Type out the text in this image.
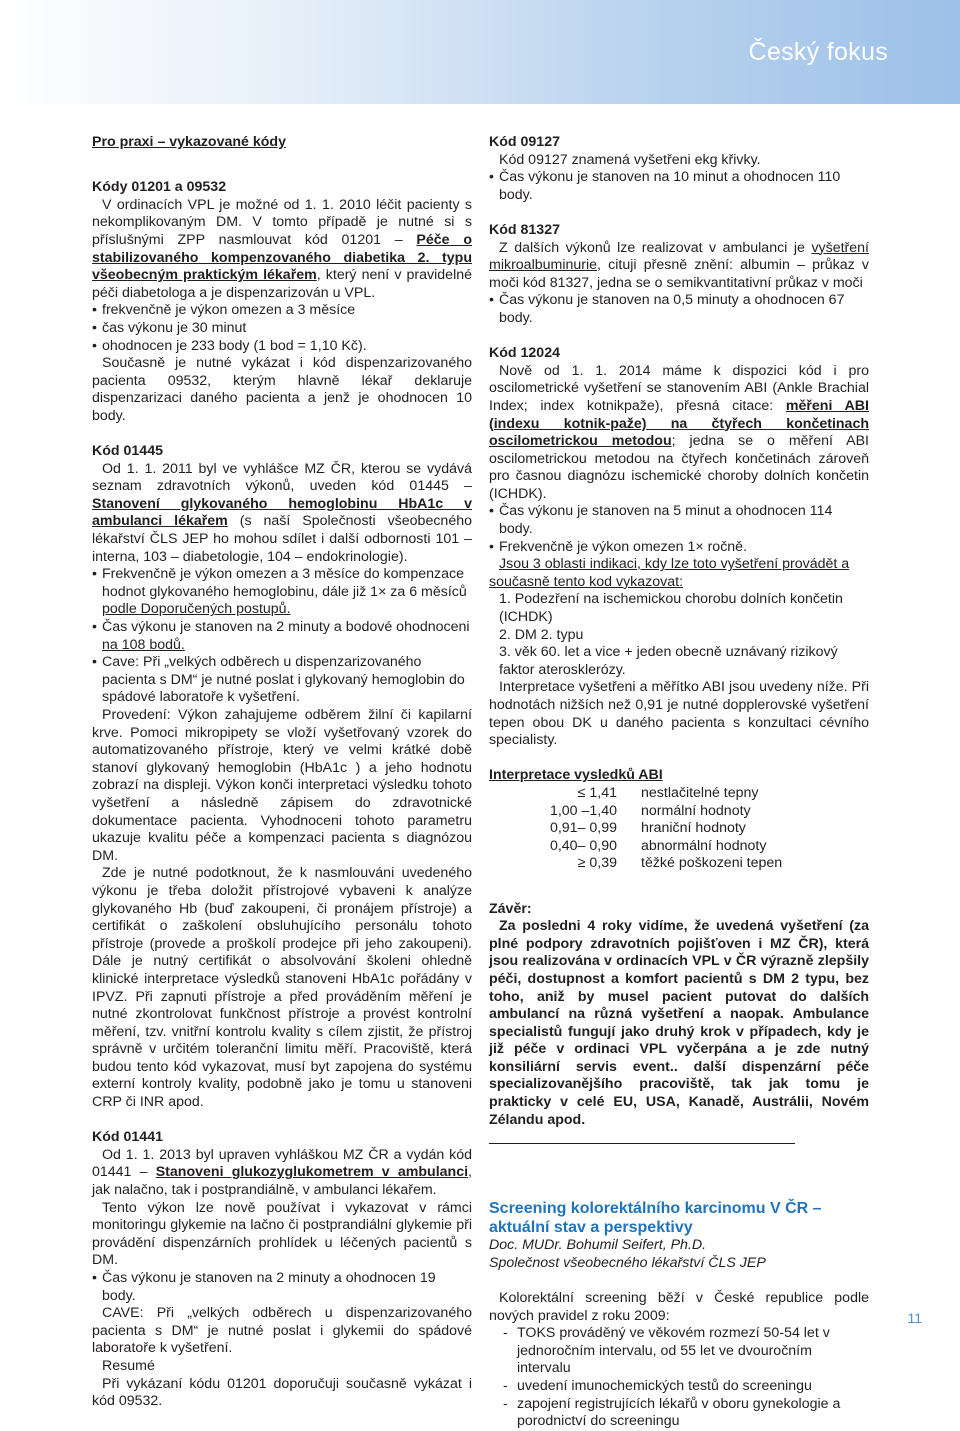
Český fokus

Pro praxi – vykazované kódy

Kódy 01201 a 09532

V ordinacích VPL je možné od 1. 1. 2010 léčit pacienty s nekomplikovaným DM. V tomto případě je nutné si s příslušnými ZPP nasmlouvat kód 01201 – Péče o stabilizovaného kompenzovaného diabetika 2. typu všeobecným praktickým lékařem, který není v pravidelné péči diabetologa a je dispenzarizován u VPL.

• frekvenčně je výkon omezen a 3 měsíce
• čas výkonu je 30 minut
• ohodnocen je 233 body (1 bod = 1,10 Kč).

Současně je nutné vykázat i kód dispenzarizovaného pacienta 09532, kterým hlavně lékař deklaruje dispenzarizaci daného pacienta a jenž je ohodnocen 10 body.

Kód 01445

Od 1. 1. 2011 byl ve vyhlášce MZ ČR, kterou se vydává seznam zdravotních výkonů, uveden kód 01445 – Stanovení glykovaného hemoglobinu HbA1c v ambulanci lékařem (s naší Společnosti všeobecného lékařství ČLS JEP ho mohou sdílet i další odbornosti 101 – interna, 103 – diabetologie, 104 – endokrinologie).

• Frekvenčně je výkon omezen a 3 měsíce do kompenzace hodnot glykovaného hemoglobinu, dále již 1× za 6 měsíců podle Doporučených postupů.
• Čas výkonu je stanoven na 2 minuty a bodové ohodnoceni na 108 bodů.
• Cave: Při „velkých odběrech u dispenzarizovaného pacienta s DM“ je nutné poslat i glykovaný hemoglobin do spádové laboratoře k vyšetření.

Provedení: Výkon zahajujeme odběrem žilní či kapilarní krve. Pomoci mikropipety se vloží vyšetřovaný vzorek do automatizovaného přístroje, který ve velmi krátké době stanoví glykovaný hemoglobin (HbA1c ) a jeho hodnotu zobrazí na displeji. Výkon konči interpretaci výsledku tohoto vyšetření a následně zápisem do zdravotnické dokumentace pacienta. Vyhodnoceni tohoto parametru ukazuje kvalitu péče a kompenzaci pacienta s diagnózou DM.

Zde je nutné podotknout, že k nasmlouváni uvedeného výkonu je třeba doložit přístrojové vybaveni k analýze glykovaného Hb (buď zakoupeni, či pronájem přístroje) a certifikát o zaškolení obsluhujícího personálu tohoto přístroje (provede a proškolí prodejce při jeho zakoupeni). Dále je nutný certifikát o absolvování školeni ohledně klinické interpretace výsledků stanoveni HbA1c pořádány v IPVZ. Při zapnuti přístroje a před prováděním měření je nutné zkontrolovat funkčnost přístroje a provést kontrolní měření, tzv. vnitřní kontrolu kvality s cílem zjistit, že přístroj správně v určitém toleranční limitu měří. Pracoviště, která budou tento kód vykazovat, musí byt zapojena do systému externí kontroly kvality, podobně jako je tomu u stanoveni CRP či INR apod.

Kód 01441

Od 1. 1. 2013 byl upraven vyhláškou MZ ČR a vydán kód 01441 – Stanoveni glukozyglukometrem v ambulanci, jak nalačno, tak i postprandiálně, v ambulanci lékařem.

Tento výkon lze nově používat i vykazovat v rámci monitoringu glykemie na lačno či postprandiální glykemie při provádění dispenzárních prohlídek u léčených pacientů s DM.

• Čas výkonu je stanoven na 2 minuty a ohodnocen 19 body.

CAVE: Při „velkých odběrech u dispenzarizovaného pacienta s DM“ je nutné poslat i glykemii do spádové laboratoře k vyšetření.

Resumé

Při vykázaní kódu 01201 doporučuji současně vykázat i kód 09532.

Kód 09127

Kód 09127 znamená vyšetřeni ekg křivky.

• Čas výkonu je stanoven na 10 minut a ohodnocen 110 body.

Kód 81327

Z dalších výkonů lze realizovat v ambulanci je vyšetření mikroalbuminurie, cituji přesně znění: albumin – průkaz v moči kód 81327, jedna se o semikvantitativní průkaz v moči

• Čas výkonu je stanoven na 0,5 minuty a ohodnocen 67 body.

Kód 12024

Nově od 1. 1. 2014 máme k dispozici kód i pro oscilometrické vyšetření se stanovením ABI (Ankle Brachial Index; index kotnikpaže), přesná citace: měřeni ABI (indexu kotnik-paže) na čtyřech končetinach oscilometrickou metodou; jedna se o měření ABI oscilometrickou metodou na čtyřech končetinách zároveň pro časnou diagnózu ischemické choroby dolních končetin (ICHDK).

• Čas výkonu je stanoven na 5 minut a ohodnocen 114 body.
• Frekvenčně je výkon omezen 1× ročně.

Jsou 3 oblasti indikaci, kdy lze toto vyšetření provádět a současně tento kod vykazovat:

1. Podezření na ischemickou chorobu dolních končetin (ICHDK)
2. DM 2. typu
3. věk 60. let a vice + jeden obecně uznávaný rizikový faktor aterosklerózy.

Interpretace vyšetřeni a měřítko ABI jsou uvedeny níže. Při hodnotách nižších než 0,91 je nutné dopplerovské vyšetření tepen obou DK u daného pacienta s konzultaci cévního specialisty.

Interpretace vysledků ABI

≤ 1,41	nestlačitelné tepny
1,00 –1,40	normální hodnoty
0,91– 0,99	hraniční hodnoty
0,40– 0,90	abnormální hodnoty
≥ 0,39	těžké poškozeni tepen

Závěr:

Za posledni 4 roky vidíme, že uvedená vyšetření (za plné podpory zdravotních pojišťoven i MZ ČR), která jsou realizována v ordinacích VPL v ČR výrazně zlepšily péči, dostupnost a komfort pacientů s DM 2 typu, bez toho, aniž by musel pacient putovat do dalších ambulancí na různá vyšetření a naopak. Ambulance specialistů fungují jako druhý krok v případech, kdy je již péče v ordinaci VPL vyčerpána a je zde nutný konsiliární servis event.. další dispenzární péče specializovanějšího pracoviště, tak jak tomu je prakticky v celé EU, USA, Kanadě, Austrálii, Novém Zélandu apod.

Screening kolorektálního karcinomu V ČR – aktuální stav a perspektivy

Doc. MUDr. Bohumil Seifert, Ph.D.

Společnost všeobecného lékařství ČLS JEP

Kolorektální screening běží v České republice podle nových pravidel z roku 2009:

- TOKS prováděný ve věkovém rozmezí 50-54 let v jednoročním intervalu, od 55 let ve dvouročním intervalu
- uvedení imunochemických testů do screeningu
- zapojení registrujících lékařů v oboru gynekologie a porodnictví do screeningu
11
